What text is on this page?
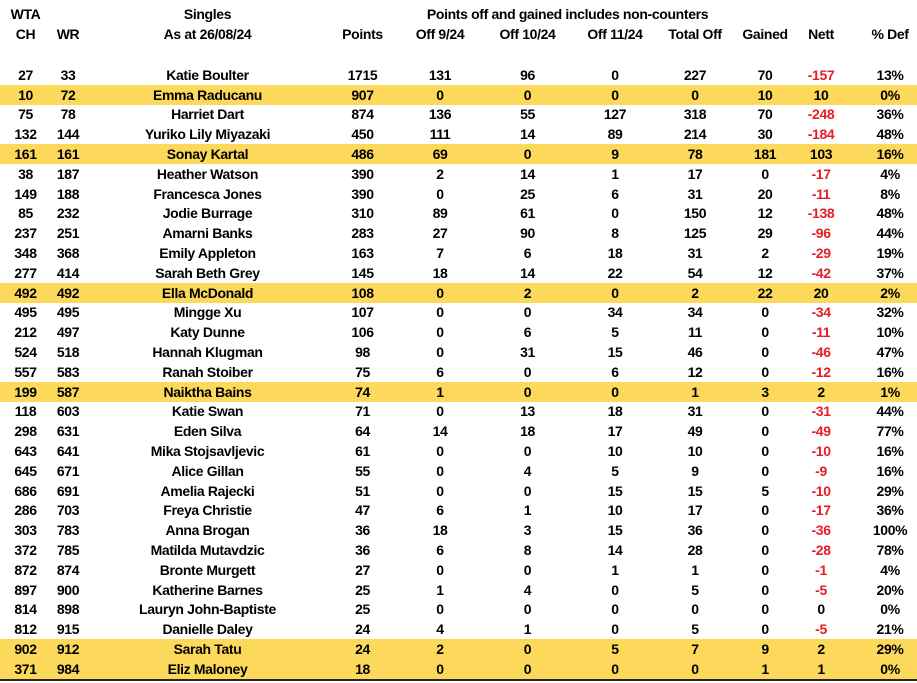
WTA		Singles		Points off and gained includes non-counters						
CH	WR	As at 26/08/24	Points	Off 9/24	Off 10/24	Off 11/24	Total Off	Gained	Nett	% Def

27	33	Katie Boulter	1715	131	96	0	227	70	-157	13%
10	72	Emma Raducanu	907	0	0	0	0	10	10	0%
75	78	Harriet Dart	874	136	55	127	318	70	-248	36%
132	144	Yuriko Lily Miyazaki	450	111	14	89	214	30	-184	48%
161	161	Sonay Kartal	486	69	0	9	78	181	103	16%
38	187	Heather Watson	390	2	14	1	17	0	-17	4%
149	188	Francesca Jones	390	0	25	6	31	20	-11	8%
85	232	Jodie Burrage	310	89	61	0	150	12	-138	48%
237	251	Amarni Banks	283	27	90	8	125	29	-96	44%
348	368	Emily Appleton	163	7	6	18	31	2	-29	19%
277	414	Sarah Beth Grey	145	18	14	22	54	12	-42	37%
492	492	Ella McDonald	108	0	2	0	2	22	20	2%
495	495	Mingge Xu	107	0	0	34	34	0	-34	32%
212	497	Katy Dunne	106	0	6	5	11	0	-11	10%
524	518	Hannah Klugman	98	0	31	15	46	0	-46	47%
557	583	Ranah Stoiber	75	6	0	6	12	0	-12	16%
199	587	Naiktha Bains	74	1	0	0	1	3	2	1%
118	603	Katie Swan	71	0	13	18	31	0	-31	44%
298	631	Eden Silva	64	14	18	17	49	0	-49	77%
643	641	Mika Stojsavljevic	61	0	0	10	10	0	-10	16%
645	671	Alice Gillan	55	0	4	5	9	0	-9	16%
686	691	Amelia Rajecki	51	0	0	15	15	5	-10	29%
286	703	Freya Christie	47	6	1	10	17	0	-17	36%
303	783	Anna Brogan	36	18	3	15	36	0	-36	100%
372	785	Matilda Mutavdzic	36	6	8	14	28	0	-28	78%
872	874	Bronte Murgett	27	0	0	1	1	0	-1	4%
897	900	Katherine Barnes	25	1	4	0	5	0	-5	20%
814	898	Lauryn John-Baptiste	25	0	0	0	0	0	0	0%
812	915	Danielle Daley	24	4	1	0	5	0	-5	21%
902	912	Sarah Tatu	24	2	0	5	7	9	2	29%
371	984	Eliz Maloney	18	0	0	0	0	1	1	0%
